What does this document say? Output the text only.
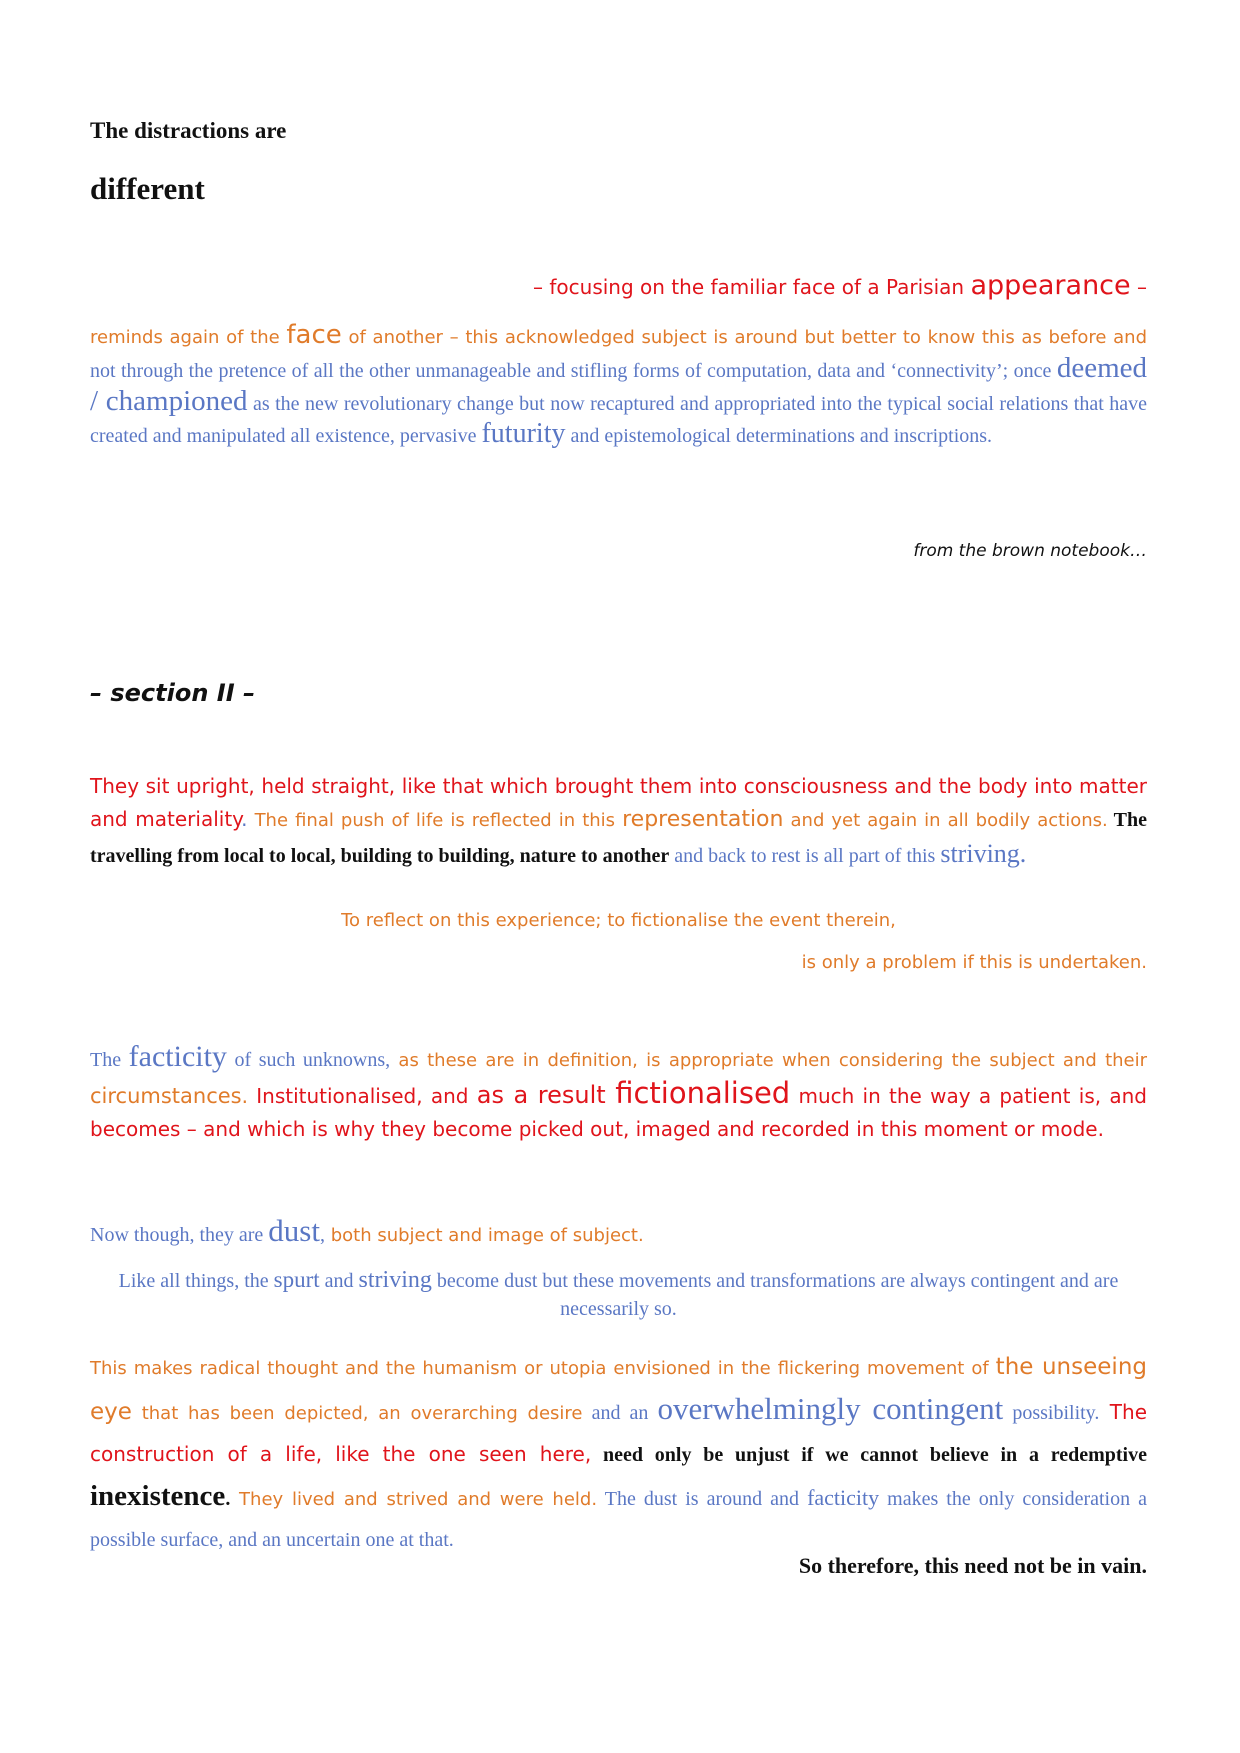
The distractions are
different
– focusing on the familiar face of a Parisian appearance –

reminds again of the face of another – this acknowledged subject is around but better to know this as before and not through the pretence of all the other unmanageable and stifling forms of computation, data and ‘connectivity’; once deemed / championed as the new revolutionary change but now recaptured and appropriated into the typical social relations that have created and manipulated all existence, pervasive futurity and epistemological determinations and inscriptions.

from the brown notebook…
– section II –

They sit upright, held straight, like that which brought them into consciousness and the body into matter and materiality. The final push of life is reflected in this representation and yet again in all bodily actions. The travelling from local to local, building to building, nature to another and back to rest is all part of this striving.

To reflect on this experience; to fictionalise the event therein,
is only a problem if this is undertaken.

The facticity of such unknowns, as these are in definition, is appropriate when considering the subject and their circumstances. Institutionalised, and as a result fictionalised much in the way a patient is, and becomes – and which is why they become picked out, imaged and recorded in this moment or mode.

Now though, they are dust, both subject and image of subject.

Like all things, the spurt and striving become dust but these movements and transformations are always contingent and are necessarily so.

This makes radical thought and the humanism or utopia envisioned in the flickering movement of the unseeing eye that has been depicted, an overarching desire and an overwhelmingly contingent possibility. The construction of a life, like the one seen here, need only be unjust if we cannot believe in a redemptive inexistence. They lived and strived and were held. The dust is around and facticity makes the only consideration a possible surface, and an uncertain one at that.

So therefore, this need not be in vain.
